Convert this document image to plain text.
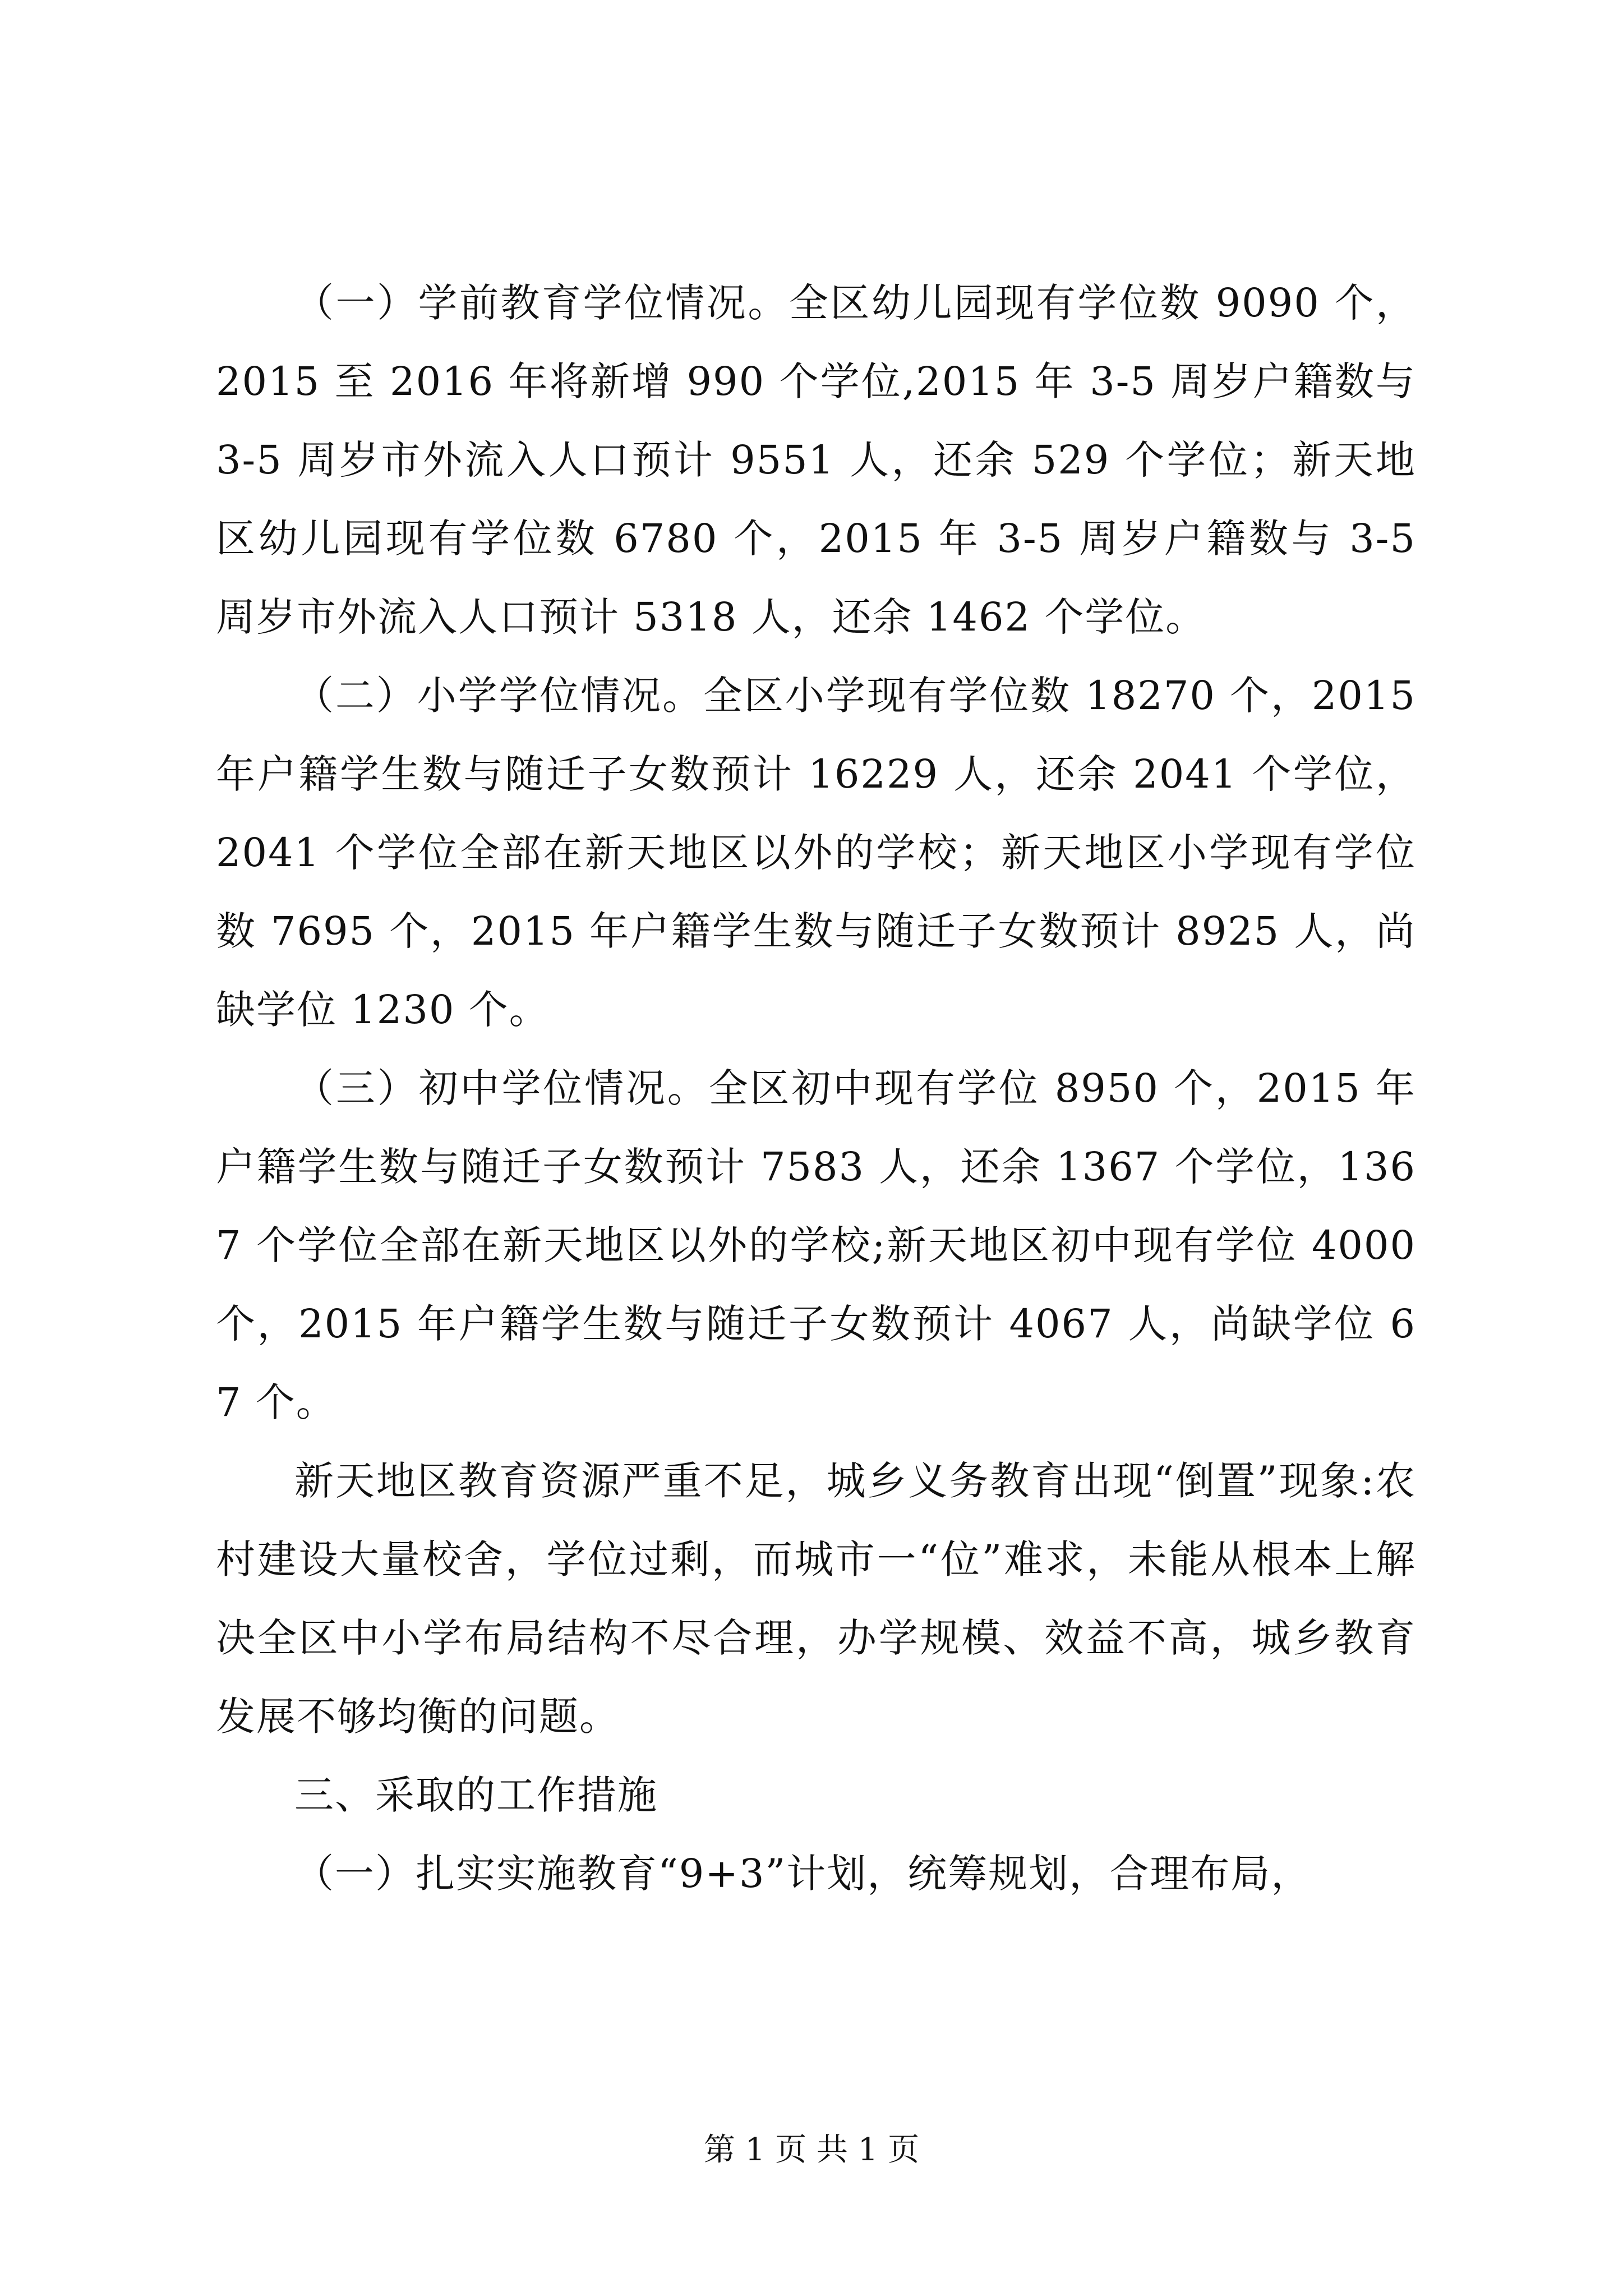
（一）学前教育学位情况。全区幼儿园现有学位数 9090 个，2015 至 2016 年将新增 990 个学位,2015 年 3-5 周岁户籍数与 3-5 周岁市外流入人口预计 9551 人，还余 529 个学位；新天地区幼儿园现有学位数 6780 个，2015 年 3-5 周岁户籍数与 3-5 周岁市外流入人口预计 5318 人，还余 1462 个学位。

（二）小学学位情况。全区小学现有学位数 18270 个，2015 年户籍学生数与随迁子女数预计 16229 人，还余 2041 个学位，2041 个学位全部在新天地区以外的学校；新天地区小学现有学位数 7695 个，2015 年户籍学生数与随迁子女数预计 8925 人，尚缺学位 1230 个。

（三）初中学位情况。全区初中现有学位 8950 个，2015 年户籍学生数与随迁子女数预计 7583 人，还余 1367 个学位，1367 个学位全部在新天地区以外的学校;新天地区初中现有学位 4000 个，2015 年户籍学生数与随迁子女数预计 4067 人，尚缺学位 67 个。

新天地区教育资源严重不足，城乡义务教育出现“倒置”现象:农村建设大量校舍，学位过剩，而城市一“位”难求，未能从根本上解决全区中小学布局结构不尽合理，办学规模、效益不高，城乡教育发展不够均衡的问题。

三、采取的工作措施

（一）扎实实施教育“9+3”计划，统筹规划，合理布局，

第 1 页 共 1 页
